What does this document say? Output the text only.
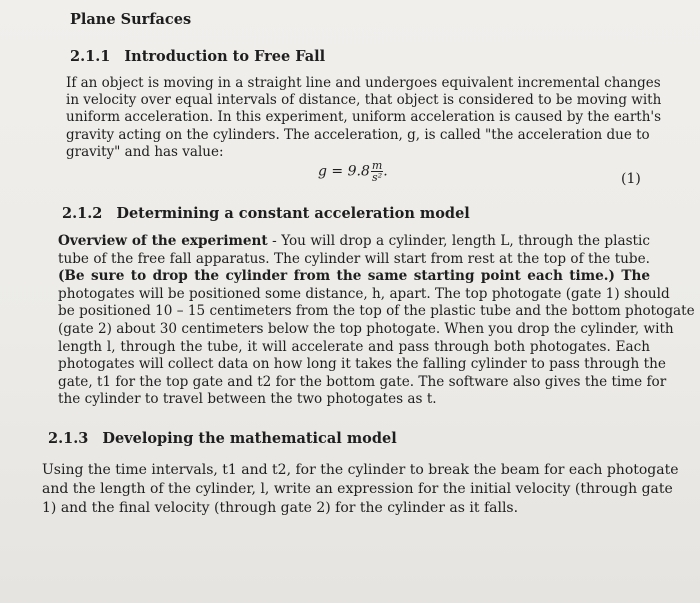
Plane Surfaces
2.1.1 Introduction to Free Fall
If an object is moving in a straight line and undergoes equivalent incremental changes
in velocity over equal intervals of distance, that object is considered to be moving with
uniform acceleration. In this experiment, uniform acceleration is caused by the earth's
gravity acting on the cylinders. The acceleration, g, is called "the acceleration due to
gravity" and has value:
$g = 9.8 \frac{m}{\text{s²}}$ .	(1)
2.1.2 Determining a constant acceleration model
Overview of the experiment - You will drop a cylinder, length L, through the plastic
tube of the free fall apparatus. The cylinder will start from rest at the top of the tube.
(Be sure to drop the cylinder from the same starting point each time.) The
photogates will be positioned some distance, h, apart. The top photogate (gate 1) should
be positioned 10 – 15 centimeters from the top of the plastic tube and the bottom photogate
(gate 2) about 30 centimeters below the top photogate. When you drop the cylinder, with
length l, through the tube, it will accelerate and pass through both photogates. Each
photogates will collect data on how long it takes the falling cylinder to pass through the
gate, t1 for the top gate and t2 for the bottom gate. The software also gives the time for
the cylinder to travel between the two photogates as t.
2.1.3 Developing the mathematical model
Using the time intervals, t1 and t2, for the cylinder to break the beam for each photogate
and the length of the cylinder, l, write an expression for the initial velocity (through gate
1) and the final velocity (through gate 2) for the cylinder as it falls.
